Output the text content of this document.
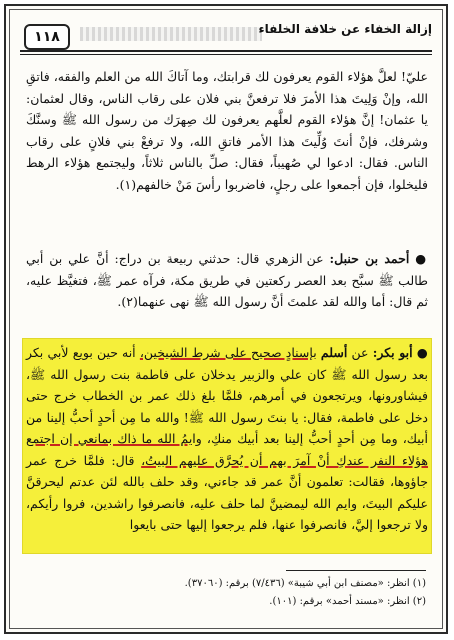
١١٨	إزالة الخفاء عن خلافة الخلفاء
عليّ! لعلَّ هؤلاء القوم يعرفون لك قرابتك، وما آتاكَ الله من العلم والفقه، فاتقِ الله، وإنْ وَلِيتَ هذا الأمرَ فلا ترفعنَّ بني فلان على رقاب الناس، وقال لعثمان: يا عثمان! إنَّ هؤلاء القوم لعلَّهم يعرفون لك صِهرَك من رسول الله ﷺ وسنَّكَ وشرفك، فإنْ أنتَ وُلِّيتَ هذا الأمر فاتقِ الله، ولا ترفعْ بني فلانٍ على رقاب الناس. فقال: ادعوا لي صُهيباً، فقال: صلِّ بالناس ثلاثاً، وليجتمع هؤلاء الرهط فليخلوا، فإن أجمعوا على رجلٍ، فاضربوا رأسَ مَنْ خالفهم(١).
● أحمد بن حنبل: عن الزهري قال: حدثني ربيعة بن دراج: أنَّ علي بن أبي طالب ﷺ سبَّح بعد العصر ركعتين في طريق مكة، فرآه عمر ﷺ، فتغيَّظ عليه، ثم قال: أما والله لقد علمتَ أنَّ رسول الله ﷺ نهى عنهما(٢).
● أبو بكر: عن أسلم بإسنادٍ صحيح على شرط الشيخين، أنه حين بويع لأبي بكر بعد رسول الله ﷺ كان علي والزبير يدخلان على فاطمة بنت رسول الله ﷺ، فيشاورونها، ويرتجعون في أمرهم، فلمَّا بلغ ذلك عمر بن الخطاب خرج حتى دخل على فاطمة، فقال: يا بنتَ رسول الله ﷺ! والله ما مِن أحدٍ أحبُّ إلينا من أبيك، وما مِن أحدٍ أحبُّ إلينا بعد أبيك منكِ، وايمُ الله ما ذاك بمانعي إن اجتمع هؤلاء النفر عندكِ أنْ آمرَ بهم أن يُحرَّق عليهم البيتُ، قال: فلمَّا خرج عمر جاؤوها، فقالت: تعلمون أنَّ عمر قد جاءني، وقد حلف بالله لئن عدتم ليحرقنَّ عليكم البيتَ، وايم الله ليمضينَّ لما حلف عليه، فانصرفوا راشدين، فروا رأيكم، ولا ترجعوا إليَّ، فانصرفوا عنها، فلم يرجعوا إليها حتى بايعوا
(١) انظر: «مصنف ابن أبي شيبة» (٧/٤٣٦) برقم: (٣٧٠٦٠).
(٢) انظر: «مسند أحمد» برقم: (١٠١).
